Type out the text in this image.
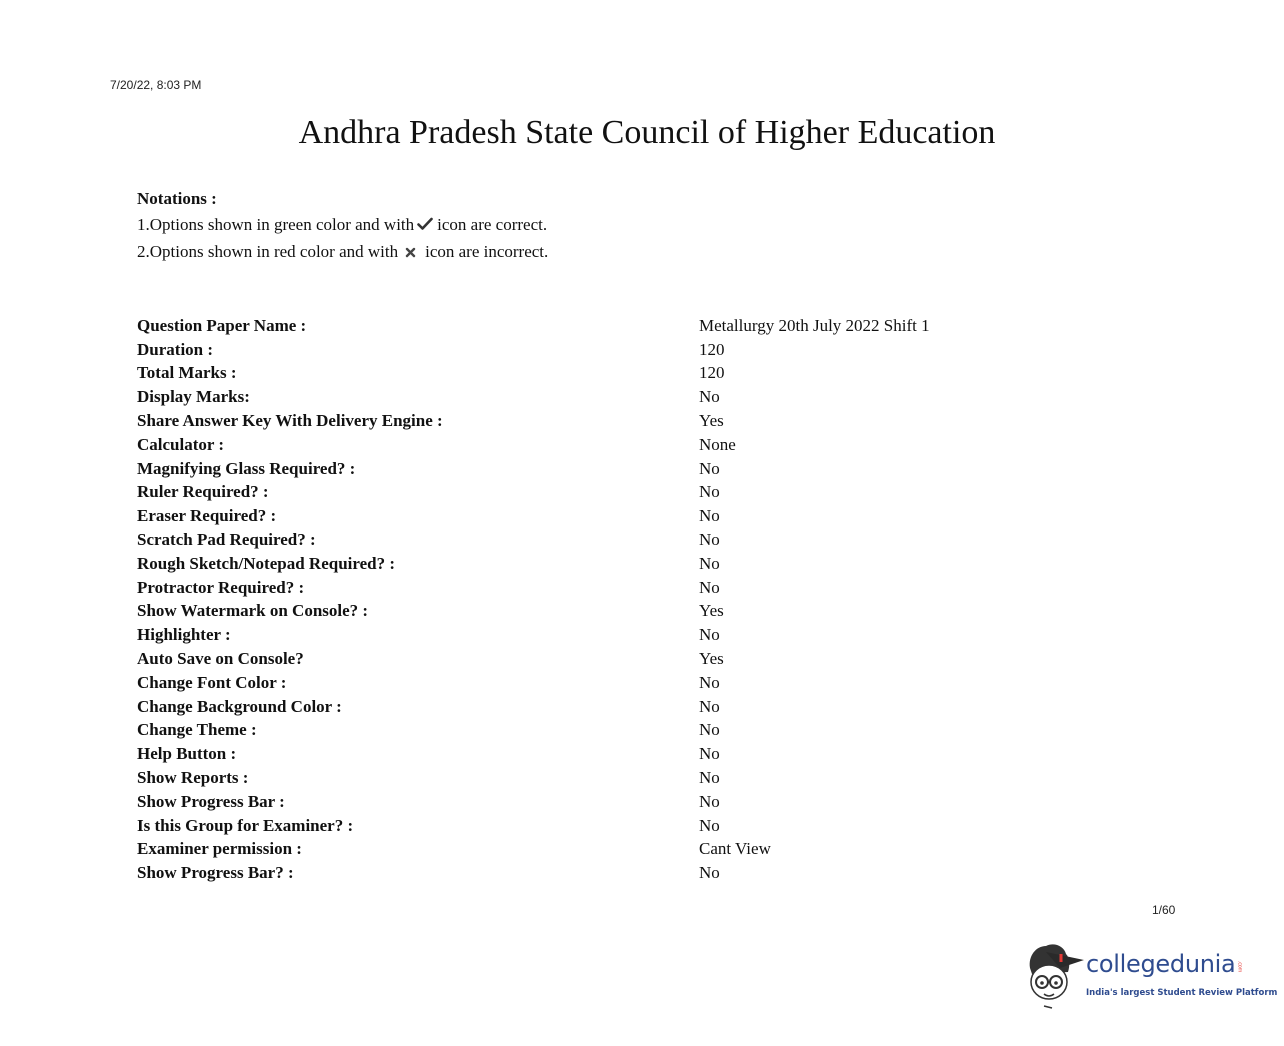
7/20/22, 8:03 PM
Andhra Pradesh State Council of Higher Education
Notations :
1.Options shown in green color and with icon are correct.
2.Options shown in red color and with icon are incorrect.
Question Paper Name :	Metallurgy 20th July 2022 Shift 1
Duration :	120
Total Marks :	120
Display Marks:	No
Share Answer Key With Delivery Engine :	Yes
Calculator :	None
Magnifying Glass Required? :	No
Ruler Required? :	No
Eraser Required? :	No
Scratch Pad Required? :	No
Rough Sketch/Notepad Required? :	No
Protractor Required? :	No
Show Watermark on Console? :	Yes
Highlighter :	No
Auto Save on Console?	Yes
Change Font Color :	No
Change Background Color :	No
Change Theme :	No
Help Button :	No
Show Reports :	No
Show Progress Bar :	No
Is this Group for Examiner? :	No
Examiner permission :	Cant View
Show Progress Bar? :	No
1/60
collegedunia.com
India's largest Student Review Platform
